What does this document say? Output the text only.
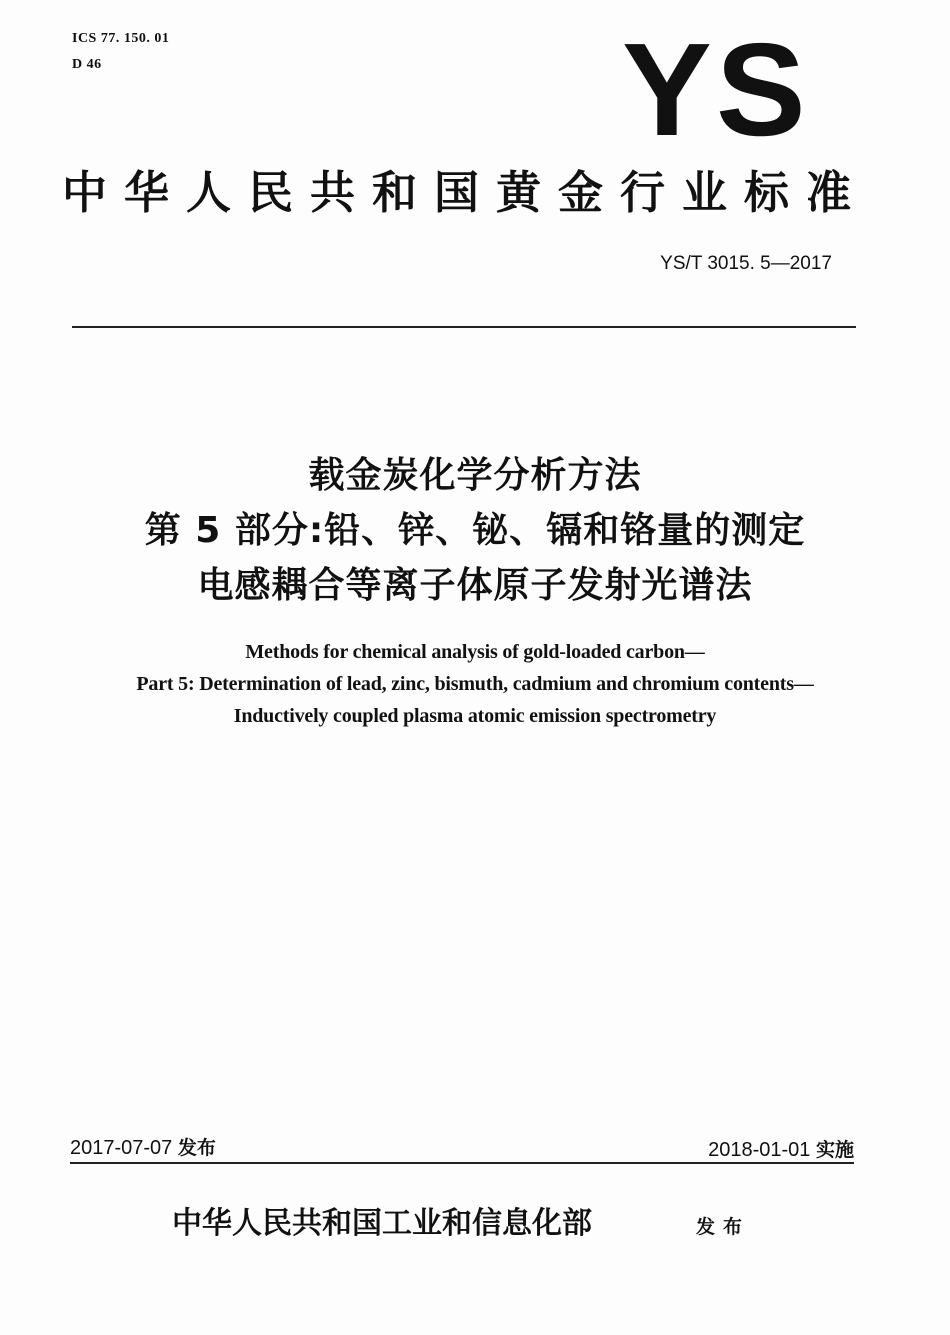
ICS 77. 150. 01
D 46	YS
中华人民共和国黄金行业标准
YS/T 3015. 5—2017
载金炭化学分析方法
第 5 部分:铅、锌、铋、镉和铬量的测定
电感耦合等离子体原子发射光谱法
Methods for chemical analysis of gold-loaded carbon—
Part 5: Determination of lead, zinc, bismuth, cadmium and chromium contents—
Inductively coupled plasma atomic emission spectrometry
2017-07-07 发布	2018-01-01 实施
中华人民共和国工业和信息化部	发布
